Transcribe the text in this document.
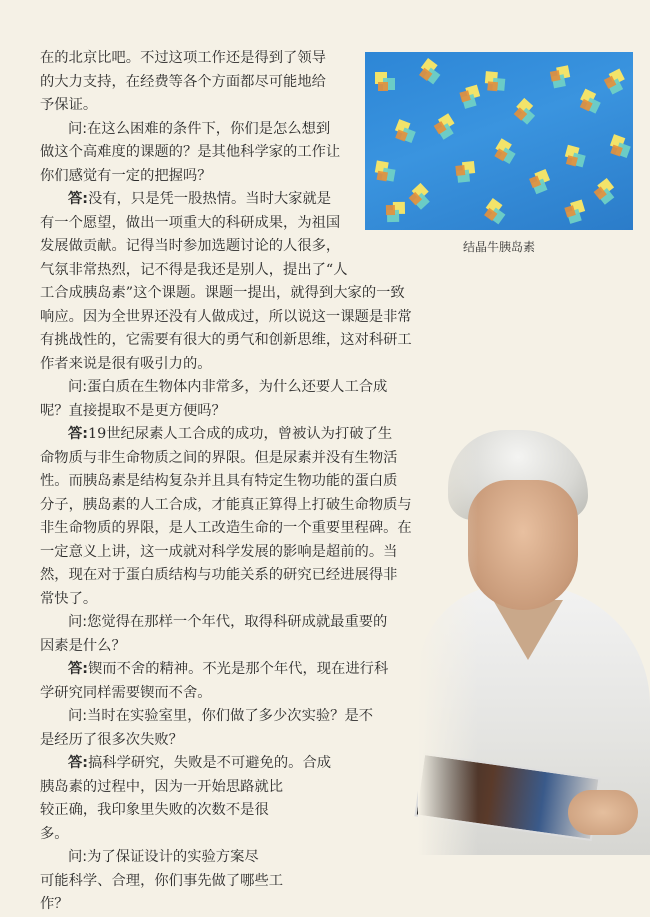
结晶牛胰岛素
在的北京比吧。不过这项工作还是得到了领导
的大力支持，在经费等各个方面都尽可能地给
予保证。
问:在这么困难的条件下，你们是怎么想到
做这个高难度的课题的？是其他科学家的工作让
你们感觉有一定的把握吗？
答:没有，只是凭一股热情。当时大家就是
有一个愿望，做出一项重大的科研成果，为祖国
发展做贡献。记得当时参加选题讨论的人很多，
气氛非常热烈，记不得是我还是别人，提出了“人
工合成胰岛素”这个课题。课题一提出，就得到大家的一致
响应。因为全世界还没有人做成过，所以说这一课题是非常
有挑战性的，它需要有很大的勇气和创新思维，这对科研工
作者来说是很有吸引力的。
问:蛋白质在生物体内非常多，为什么还要人工合成
呢？直接提取不是更方便吗？
答:19世纪尿素人工合成的成功，曾被认为打破了生
命物质与非生命物质之间的界限。但是尿素并没有生物活
性。而胰岛素是结构复杂并且具有特定生物功能的蛋白质
分子，胰岛素的人工合成，才能真正算得上打破生命物质与
非生命物质的界限，是人工改造生命的一个重要里程碑。在
一定意义上讲，这一成就对科学发展的影响是超前的。当
然，现在对于蛋白质结构与功能关系的研究已经进展得非
常快了。
问:您觉得在那样一个年代，取得科研成就最重要的
因素是什么？
答:锲而不舍的精神。不光是那个年代，现在进行科
学研究同样需要锲而不舍。
问:当时在实验室里，你们做了多少次实验？是不
是经历了很多次失败？
答:搞科学研究，失败是不可避免的。合成
胰岛素的过程中，因为一开始思路就比
较正确，我印象里失败的次数不是很
多。
问:为了保证设计的实验方案尽
可能科学、合理，你们事先做了哪些工
作？
